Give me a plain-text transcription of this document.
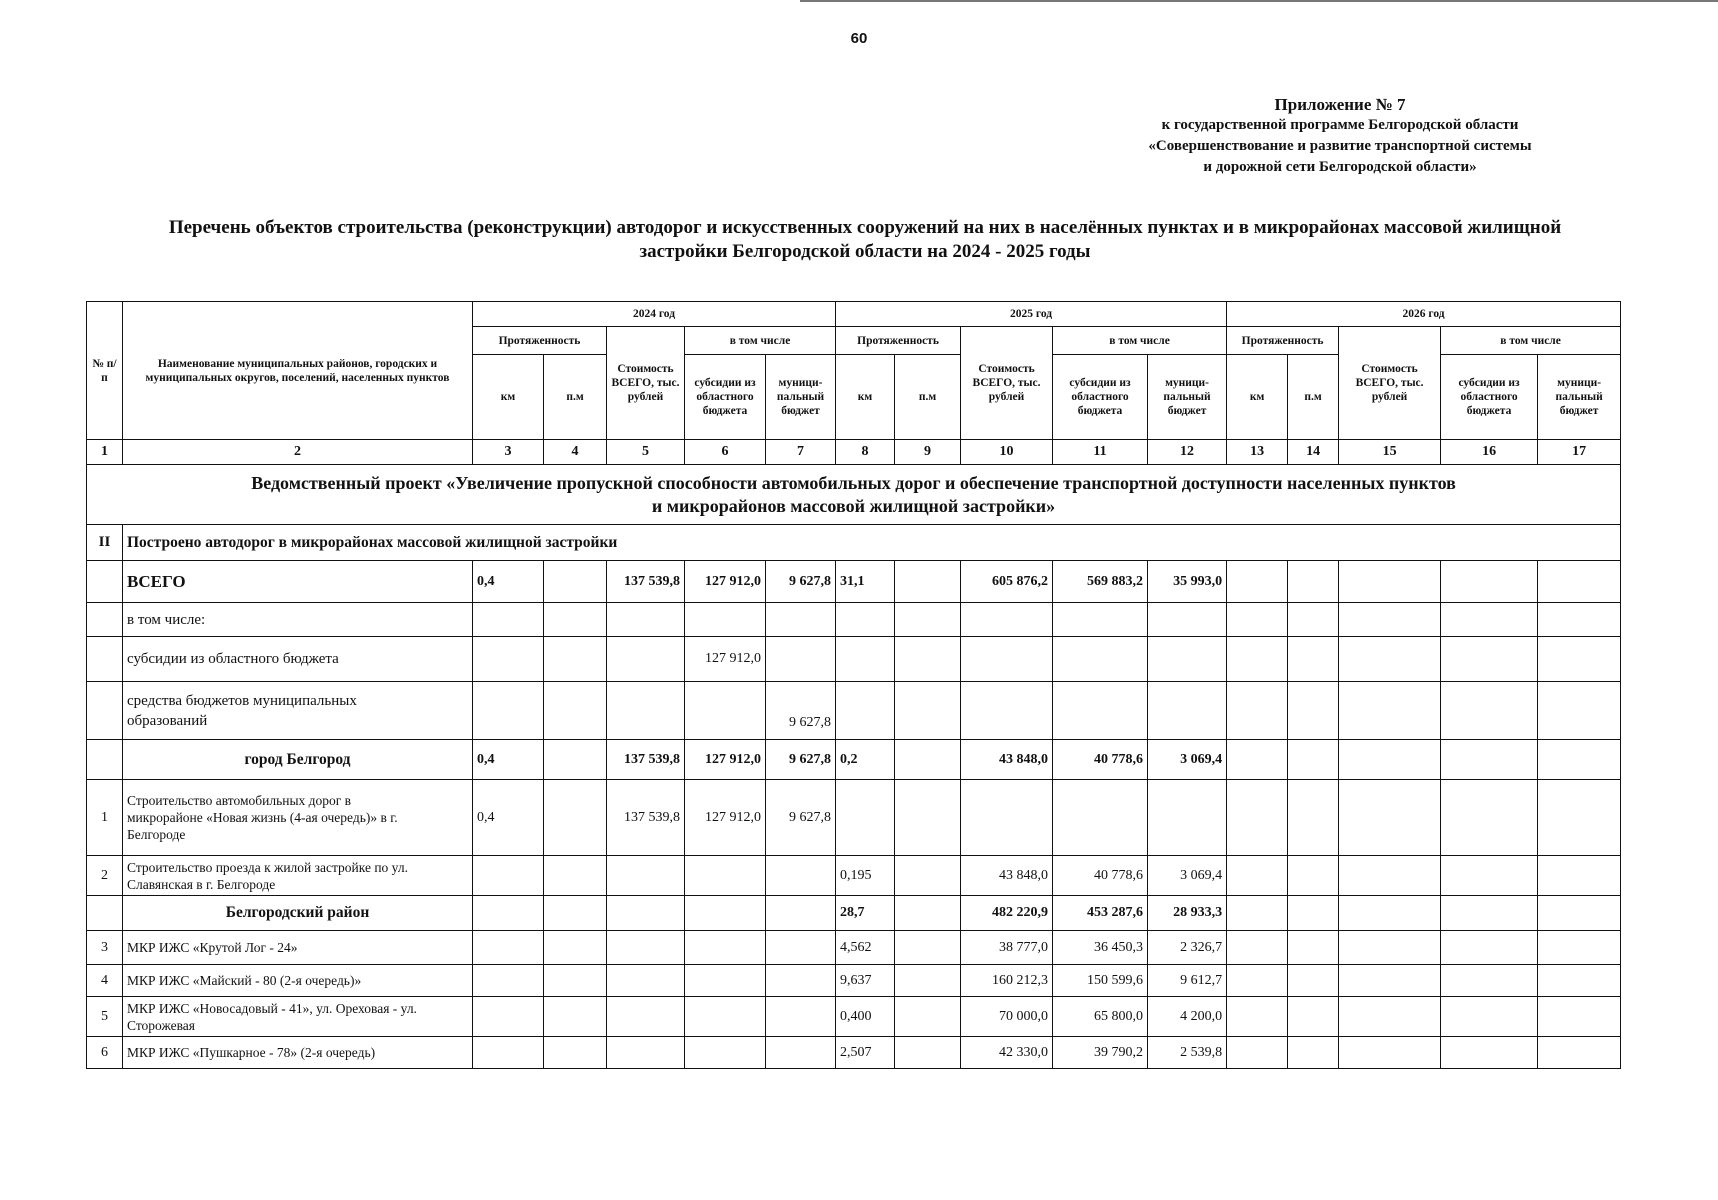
60
Приложение № 7
к государственной программе Белгородской области
«Совершенствование и развитие транспортной системы
и дорожной сети Белгородской области»
Перечень объектов строительства (реконструкции) автодорог и искусственных сооружений на них в населённых пунктах и в микрорайонах массовой жилищной
застройки Белгородской области на 2024 - 2025 годы
№ п/п	Наименование муниципальных районов, городских и муниципальных округов, поселений, населенных пунктов	2024 год					2025 год					2026 год				
		Протяженность		Стоимость ВСЕГО, тыс. рублей	в том числе		Протяженность		Стоимость ВСЕГО, тыс. рублей	в том числе		Протяженность		Стоимость ВСЕГО, тыс. рублей	в том числе	
		км	п.м		субсидии из областного бюджета	муници-пальный бюджет	км	п.м		субсидии из областного бюджета	муници-пальный бюджет	км	п.м		субсидии из областного бюджета	муници-пальный бюджет
1	2	3	4	5	6	7	8	9	10	11	12	13	14	15	16	17

Ведомственный проект «Увеличение пропускной способности автомобильных дорог и обеспечение транспортной доступности населенных пунктов
и микрорайонов массовой жилищной застройки»																

II	Построено автодорог в микрорайонах массовой жилищной застройки															
	ВСЕГО	0,4		137 539,8	127 912,0	9 627,8	31,1		605 876,2	569 883,2	35 993,0					
	в том числе:															
	субсидии из областного бюджета				127 912,0											
	средства бюджетов муниципальных образований					9 627,8										
	город Белгород	0,4		137 539,8	127 912,0	9 627,8	0,2		43 848,0	40 778,6	3 069,4					
1	Строительство автомобильных дорог в микрорайоне «Новая жизнь (4-ая очередь)» в г. Белгороде	0,4		137 539,8	127 912,0	9 627,8										
2	Строительство проезда к жилой застройке по ул. Славянская в г. Белгороде						0,195		43 848,0	40 778,6	3 069,4					
	Белгородский район						28,7		482 220,9	453 287,6	28 933,3					
3	МКР ИЖС «Крутой Лог - 24»						4,562		38 777,0	36 450,3	2 326,7					
4	МКР ИЖС «Майский - 80 (2-я очередь)»						9,637		160 212,3	150 599,6	9 612,7					
5	МКР ИЖС «Новосадовый - 41», ул. Ореховая - ул. Сторожевая						0,400		70 000,0	65 800,0	4 200,0					
6	МКР ИЖС «Пушкарное - 78» (2-я очередь)						2,507		42 330,0	39 790,2	2 539,8					
